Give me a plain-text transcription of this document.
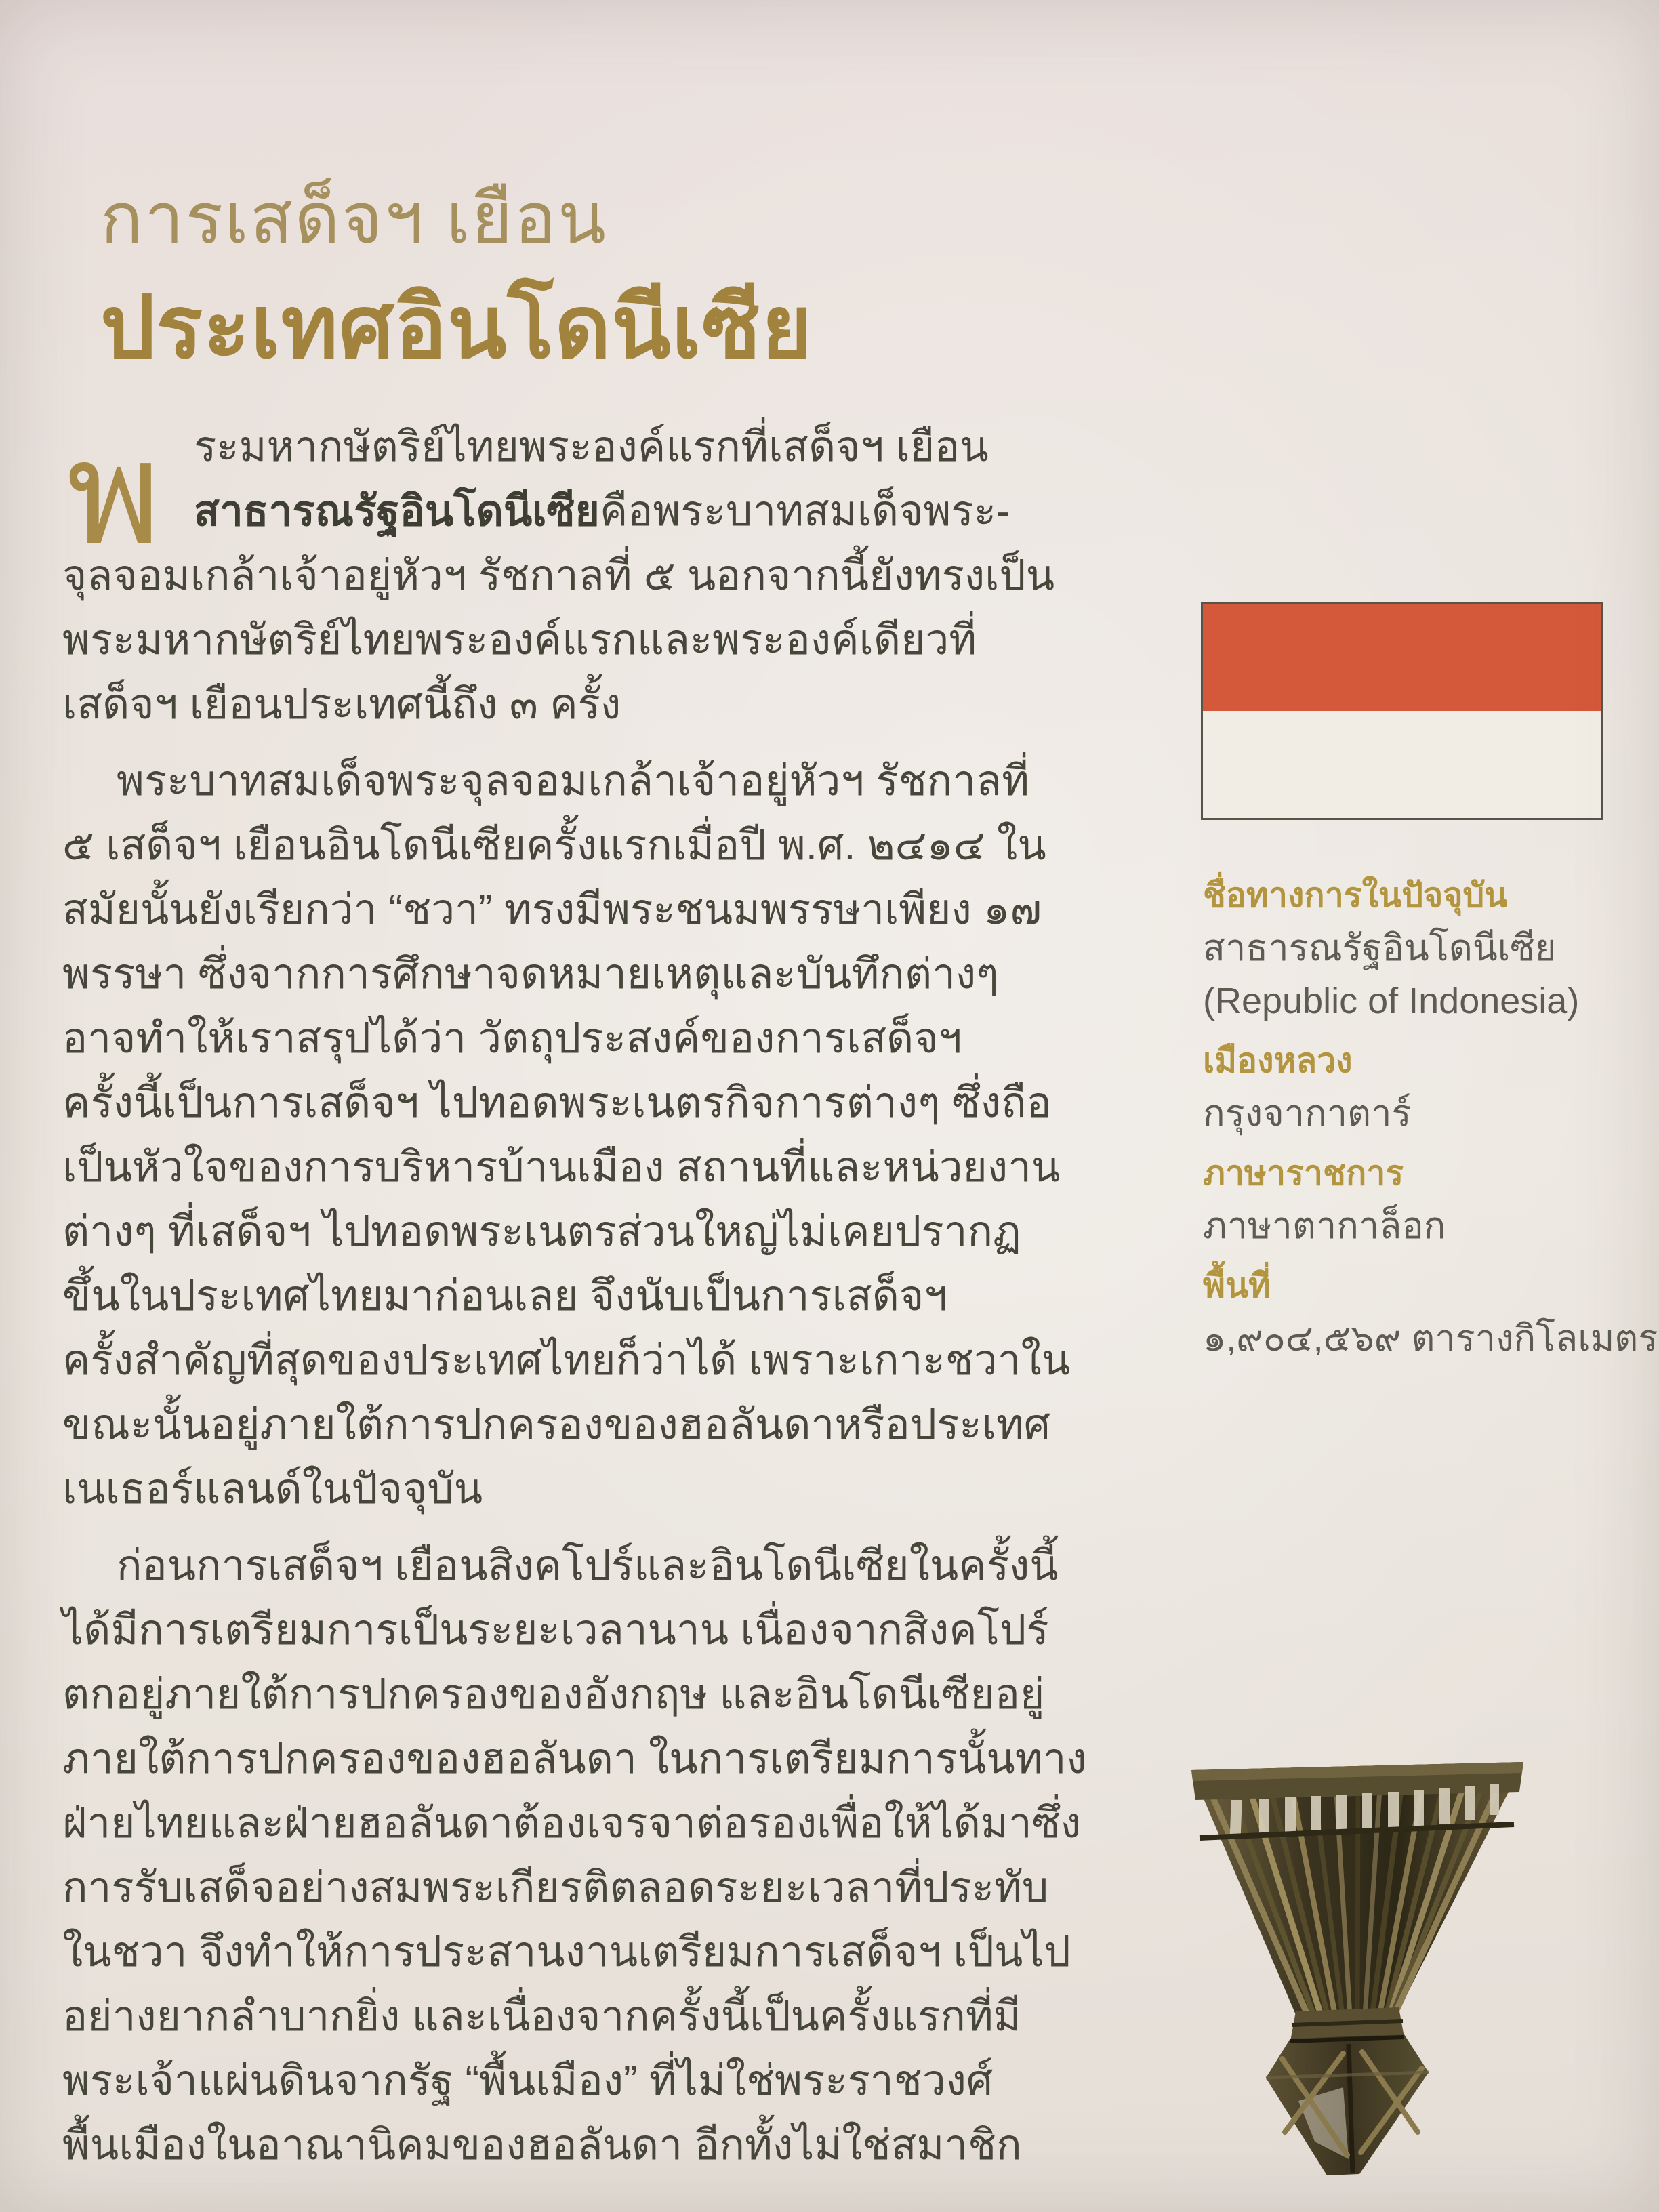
การเสด็จฯ เยือน
ประเทศอินโดนีเซีย
พ ระมหากษัตริย์ไทยพระองค์แรกที่เสด็จฯ เยือน
สาธารณรัฐอินโดนีเซียคือพระบาทสมเด็จพระ-
จุลจอมเกล้าเจ้าอยู่หัวฯ รัชกาลที่ ๕ นอกจากนี้ยังทรงเป็น
พระมหากษัตริย์ไทยพระองค์แรกและพระองค์เดียวที่
เสด็จฯ เยือนประเทศนี้ถึง ๓ ครั้ง
พระบาทสมเด็จพระจุลจอมเกล้าเจ้าอยู่หัวฯ รัชกาลที่
๕ เสด็จฯ เยือนอินโดนีเซียครั้งแรกเมื่อปี พ.ศ. ๒๔๑๔ ใน
สมัยนั้นยังเรียกว่า “ชวา” ทรงมีพระชนมพรรษาเพียง ๑๗
พรรษา ซึ่งจากการศึกษาจดหมายเหตุและบันทึกต่างๆ
อาจทำให้เราสรุปได้ว่า วัตถุประสงค์ของการเสด็จฯ
ครั้งนี้เป็นการเสด็จฯ ไปทอดพระเนตรกิจการต่างๆ ซึ่งถือ
เป็นหัวใจของการบริหารบ้านเมือง สถานที่และหน่วยงาน
ต่างๆ ที่เสด็จฯ ไปทอดพระเนตรส่วนใหญ่ไม่เคยปรากฏ
ขึ้นในประเทศไทยมาก่อนเลย จึงนับเป็นการเสด็จฯ
ครั้งสำคัญที่สุดของประเทศไทยก็ว่าได้ เพราะเกาะชวาใน
ขณะนั้นอยู่ภายใต้การปกครองของฮอลันดาหรือประเทศ
เนเธอร์แลนด์ในปัจจุบัน
ก่อนการเสด็จฯ เยือนสิงคโปร์และอินโดนีเซียในครั้งนี้
ได้มีการเตรียมการเป็นระยะเวลานาน เนื่องจากสิงคโปร์
ตกอยู่ภายใต้การปกครองของอังกฤษ และอินโดนีเซียอยู่
ภายใต้การปกครองของฮอลันดา ในการเตรียมการนั้นทาง
ฝ่ายไทยและฝ่ายฮอลันดาต้องเจรจาต่อรองเพื่อให้ได้มาซึ่ง
การรับเสด็จอย่างสมพระเกียรติตลอดระยะเวลาที่ประทับ
ในชวา จึงทำให้การประสานงานเตรียมการเสด็จฯ เป็นไป
อย่างยากลำบากยิ่ง และเนื่องจากครั้งนี้เป็นครั้งแรกที่มี
พระเจ้าแผ่นดินจากรัฐ “พื้นเมือง” ที่ไม่ใช่พระราชวงศ์
พื้นเมืองในอาณานิคมของฮอลันดา อีกทั้งไม่ใช่สมาชิก
ชื่อทางการในปัจจุบัน
สาธารณรัฐอินโดนีเซีย
(Republic of Indonesia)
เมืองหลวง
กรุงจากาตาร์
ภาษาราชการ
ภาษาตากาล็อก
พื้นที่
๑,๙๐๔,๕๖๙ ตารางกิโลเมตร
